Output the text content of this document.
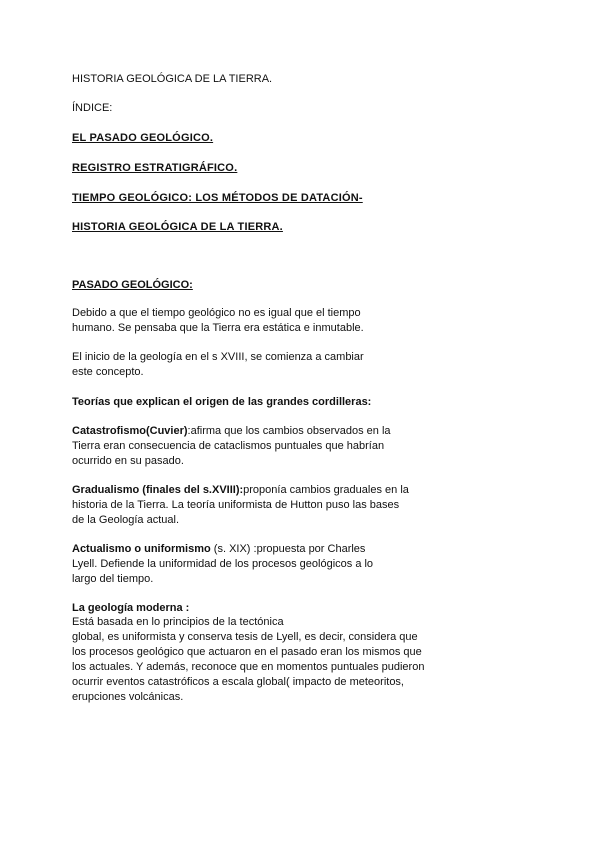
HISTORIA GEOLÓGICA DE LA TIERRA.
ÍNDICE:
EL PASADO GEOLÓGICO.
REGISTRO ESTRATIGRÁFICO.
TIEMPO GEOLÓGICO: LOS MÉTODOS DE DATACIÓN-
HISTORIA GEOLÓGICA DE LA TIERRA.
PASADO GEOLÓGICO:
Debido a que el tiempo geológico no es igual que el tiempo
humano. Se pensaba que la Tierra era estática e inmutable.
El inicio de la geología en el s XVIII, se comienza a cambiar
este concepto.
Teorías que explican el origen de las grandes cordilleras:
Catastrofismo(Cuvier):afirma que los cambios observados en la
Tierra eran consecuencia de cataclismos puntuales que habrían
ocurrido en su pasado.
Gradualismo (finales del s.XVIII):proponía cambios graduales en la
historia de la Tierra. La teoría uniformista de Hutton puso las bases
de la Geología actual.
Actualismo o uniformismo (s. XIX) :propuesta por Charles
Lyell. Defiende la uniformidad de los procesos geológicos a lo
largo del tiempo.
La geología moderna :
Está basada en lo principios de la tectónica
global, es uniformista y conserva tesis de Lyell, es decir, considera que
los procesos geológico que actuaron en el pasado eran los mismos que
los actuales. Y además, reconoce que en momentos puntuales pudieron
ocurrir eventos catastróficos a escala global( impacto de meteoritos,
erupciones volcánicas.
